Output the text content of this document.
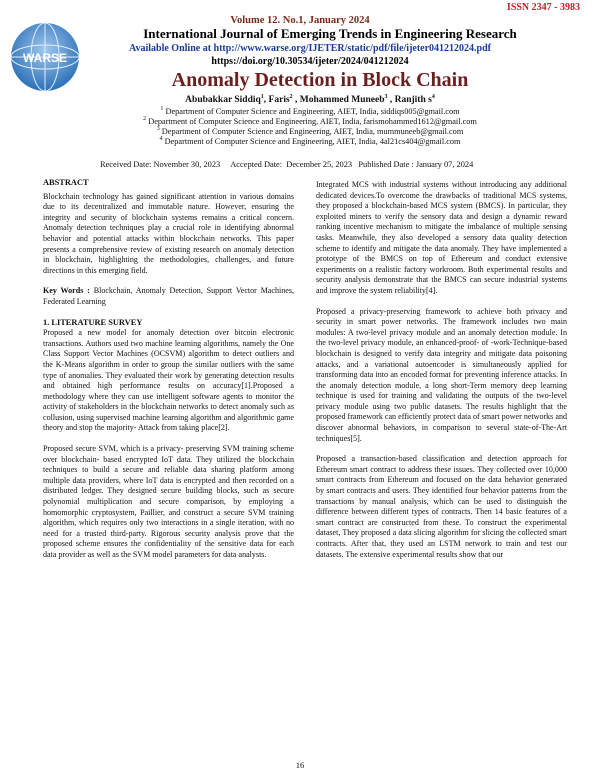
ISSN 2347 - 3983
WARSE
Volume 12. No.1, January 2024
International Journal of Emerging Trends in Engineering Research
Available Online at http://www.warse.org/IJETER/static/pdf/file/ijeter041212024.pdf
https://doi.org/10.30534/ijeter/2024/041212024
Anomaly Detection in Block Chain
Abubakkar Siddiq$^1$, Faris$^2$ , Mohammed Muneeb$^3$ , Ranjith $s^4$
$^1$ Department of Computer Science and Engineering, AIET, India, siddiqs005@gmail.com
$^2$ Department of Computer Science and Engineering, AIET, India, farismohammed1612@gmail.com
$^3$ Department of Computer Science and Engineering, AIET, India, mummuneeb@gmail.com
$^4$ Department of Computer Science and Engineering, AIET, India, 4al21cs404@gmail.com
Received Date: November 30, 2023     Accepted Date:  December 25, 2023   Published Date : January 07, 2024
ABSTRACT

Blockchain technology has gained significant attention in various domains due to its decentralized and immutable nature. However, ensuring the integrity and security of blockchain systems remains a critical concern. Anomaly detection techniques play a crucial role in identifying abnormal behavior and potential attacks within blockchain networks. This paper presents a comprehensive review of existing research on anomaly detection in blockchain, highlighting the methodologies, challenges, and future directions in this emerging field.

Key Words : Blockchain, Anomaly Detection, Support Vector Machines, Federated Learning

1. LITERATURE SURVEY

Proposed a new model for anomaly detection over bitcoin electronic transactions. Authors used two machine learning algorithms, namely the One Class Support Vector Machines (OCSVM) algorithm to detect outliers and the K-Means algorithm in order to group the similar outliers with the same type of anomalies. They evaluated their work by generating detection results and obtained high performance results on accuracy[1].Proposed a methodology where they can use intelligent software agents to monitor the activity of stakeholders in the blockchain networks to detect anomaly such as collusion, using supervised machine learning algorithm and algorithmic game theory and stop the majority- Attack from taking place[2].

Proposed secure SVM, which is a privacy- preserving SVM training scheme over blockchain- based encrypted IoT data. They utilized the blockchain techniques to build a secure and reliable data sharing platform among multiple data providers, where IoT data is encrypted and then recorded on a distributed ledger. They designed secure building blocks, such as secure polynomial multiplication and secure comparison, by employing a homomorphic cryptosystem, Paillier, and construct a secure SVM training algorithm, which requires only two interactions in a single iteration, with no need for a trusted third-party. Rigorous security analysis prove that the proposed scheme ensures the confidentiality of the sensitive data for each data provider as well as the SVM model parameters for data analysts.

Integrated MCS with industrial systems without introducing any additional dedicated devices.To overcome the drawbacks of traditional MCS systems, they proposed a blockchain-based MCS system (BMCS). In particular, they exploited miners to verify the sensory data and design a dynamic reward ranking incentive mechanism to mitigate the imbalance of multiple sensing tasks. Meanwhile, they also developed a sensory data quality detection scheme to identify and mitigate the data anomaly. They have implemented a prototype of the BMCS on top of Ethereum and conduct extensive experiments on a realistic factory workroom. Both experimental results and security analysis demonstrate that the BMCS can secure industrial systems and improve the system reliability[4].

Proposed a privacy-preserving framework to achieve both privacy and security in smart power networks. The framework includes two main modules: A two-level privacy module and an anomaly detection module. In the two-level privacy module, an enhanced-proof- of -work-Technique-based blockchain is designed to verify data integrity and mitigate data poisoning attacks, and a variational autoencoder is simultaneously applied for transforming data into an encoded format for preventing inference attacks. In the anomaly detection module, a long short-Term memory deep learning technique is used for training and validating the outputs of the two-level privacy module using two public datasets. The results highlight that the proposed framework can efficiently protect data of smart power networks and discover abnormal behaviors, in comparison to several state-of-The-Art techniques[5].

Proposed a transaction-based classification and detection approach for Ethereum smart contract to address these issues. They collected over 10,000 smart contracts from Ethereum and focused on the data behavior generated by smart contracts and users. They identified four behavior patterns from the transactions by manual analysis, which can be used to distinguish the difference between different types of contracts. Then 14 basic features of a smart contract are constructed from these. To construct the experimental dataset, They proposed a data slicing algorithm for slicing the collected smart contracts. After that, they used an LSTM network to train and test our datasets. The extensive experimental results show that our

16
